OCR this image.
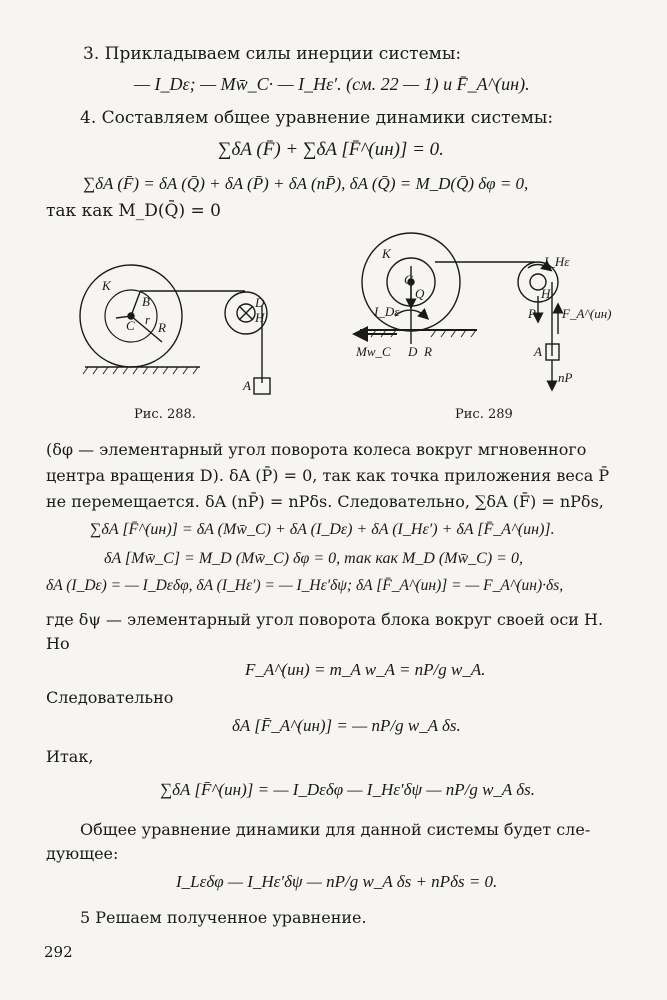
3. Прикладываем силы инерции системы:
— I_Dε; — Mw̄_C· — I_Hε′. (см. 22 — 1) и F̄_A^(ин).
4. Составляем общее уравнение динамики системы:
∑δA (F̄) + ∑δA [F̄^(ин)] = 0.
∑δA (F̄) = δA (Q̄) + δA (P̄) + δA (nP̄), δA (Q̄) = M_D(Q̄) δφ = 0,
так как M_D(Q̄) = 0
K
B
C r
R
D
H
A
Рис. 288.
K
C
Q
I_Dε
Mw_C D R
I_Hε
H
P F_A^(ин)
A
nP
Рис. 289
(δφ — элементарный угол поворота колеса вокруг мгновенного
центра вращения D). δA (P̄) = 0, так как точка приложения веса P̄
не перемещается. δA (nP̄) = nPδs. Следовательно, ∑δA (F̄) = nPδs,
∑δA [F̄^(ин)] = δA (Mw̄_C) + δA (I_Dε) + δA (I_Hε′) + δA [F̄_A^(ин)].
δA [Mw̄_C] = M_D (Mw̄_C) δφ = 0, так как M_D (Mw̄_C) = 0,
δA (I_Dε) = — I_Dεδφ, δA (I_Hε′) = — I_Hε′δψ; δA [F̄_A^(ин)] = — F_A^(ин)·δs,
где δψ — элементарный угол поворота блока вокруг своей оси H.
Но
F_A^(ин) = m_A w_A = nP/g w_A.
Следовательно
δA [F̄_A^(ин)] = — nP/g w_A δs.
Итак,
∑δA [F̄^(ин)] = — I_Dεδφ — I_Hε′δψ — nP/g w_A δs.
Общее уравнение динамики для данной системы будет сле-
дующее:
I_Lεδφ — I_Hε′δψ — nP/g w_A δs + nPδs = 0.
5 Решаем полученное уравнение.
292
